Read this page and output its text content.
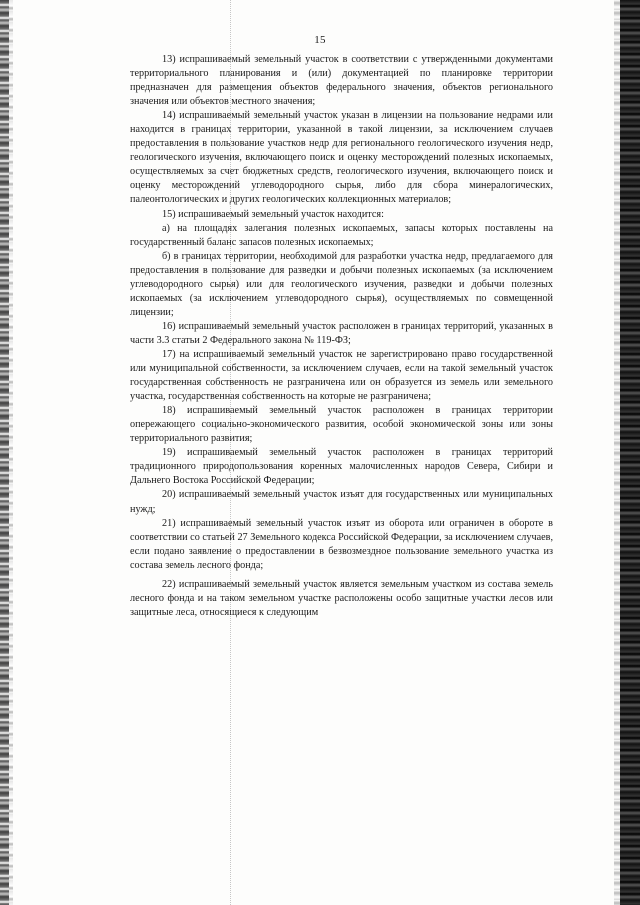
15

13) испрашиваемый земельный участок в соответствии с утвержденными документами территориального планирования и (или) документацией по планировке территории предназначен для размещения объектов федерального значения, объектов регионального значения или объектов местного значения;

14) испрашиваемый земельный участок указан в лицензии на пользование недрами или находится в границах территории, указанной в такой лицензии, за исключением случаев предоставления в пользование участков недр для регионального геологического изучения недр, геологического изучения, включающего поиск и оценку месторождений полезных ископаемых, осуществляемых за счет бюджетных средств, геологического изучения, включающего поиск и оценку месторождений углеводородного сырья, либо для сбора минералогических, палеонтологических и других геологических коллекционных материалов;

15) испрашиваемый земельный участок находится:

а) на площадях залегания полезных ископаемых, запасы которых поставлены на государственный баланс запасов полезных ископаемых;

б) в границах территории, необходимой для разработки участка недр, предлагаемого для предоставления в пользование для разведки и добычи полезных ископаемых (за исключением углеводородного сырья) или для геологического изучения, разведки и добычи полезных ископаемых (за исключением углеводородного сырья), осуществляемых по совмещенной лицензии;

16) испрашиваемый земельный участок расположен в границах территорий, указанных в части 3.3 статьи 2 Федерального закона № 119-ФЗ;

17) на испрашиваемый земельный участок не зарегистрировано право государственной или муниципальной собственности, за исключением случаев, если на такой земельный участок государственная собственность не разграничена или он образуется из земель или земельного участка, государственная собственность на которые не разграничена;

18) испрашиваемый земельный участок расположен в границах территории опережающего социально-экономического развития, особой экономической зоны или зоны территориального развития;

19) испрашиваемый земельный участок расположен в границах территорий традиционного природопользования коренных малочисленных народов Севера, Сибири и Дальнего Востока Российской Федерации;

20) испрашиваемый земельный участок изъят для государственных или муниципальных нужд;

21) испрашиваемый земельный участок изъят из оборота или ограничен в обороте в соответствии со статьей 27 Земельного кодекса Российской Федерации, за исключением случаев, если подано заявление о предоставлении в безвозмездное пользование земельного участка из состава земель лесного фонда;

22) испрашиваемый земельный участок является земельным участком из состава земель лесного фонда и на таком земельном участке расположены особо защитные участки лесов или защитные леса, относящиеся к следующим
